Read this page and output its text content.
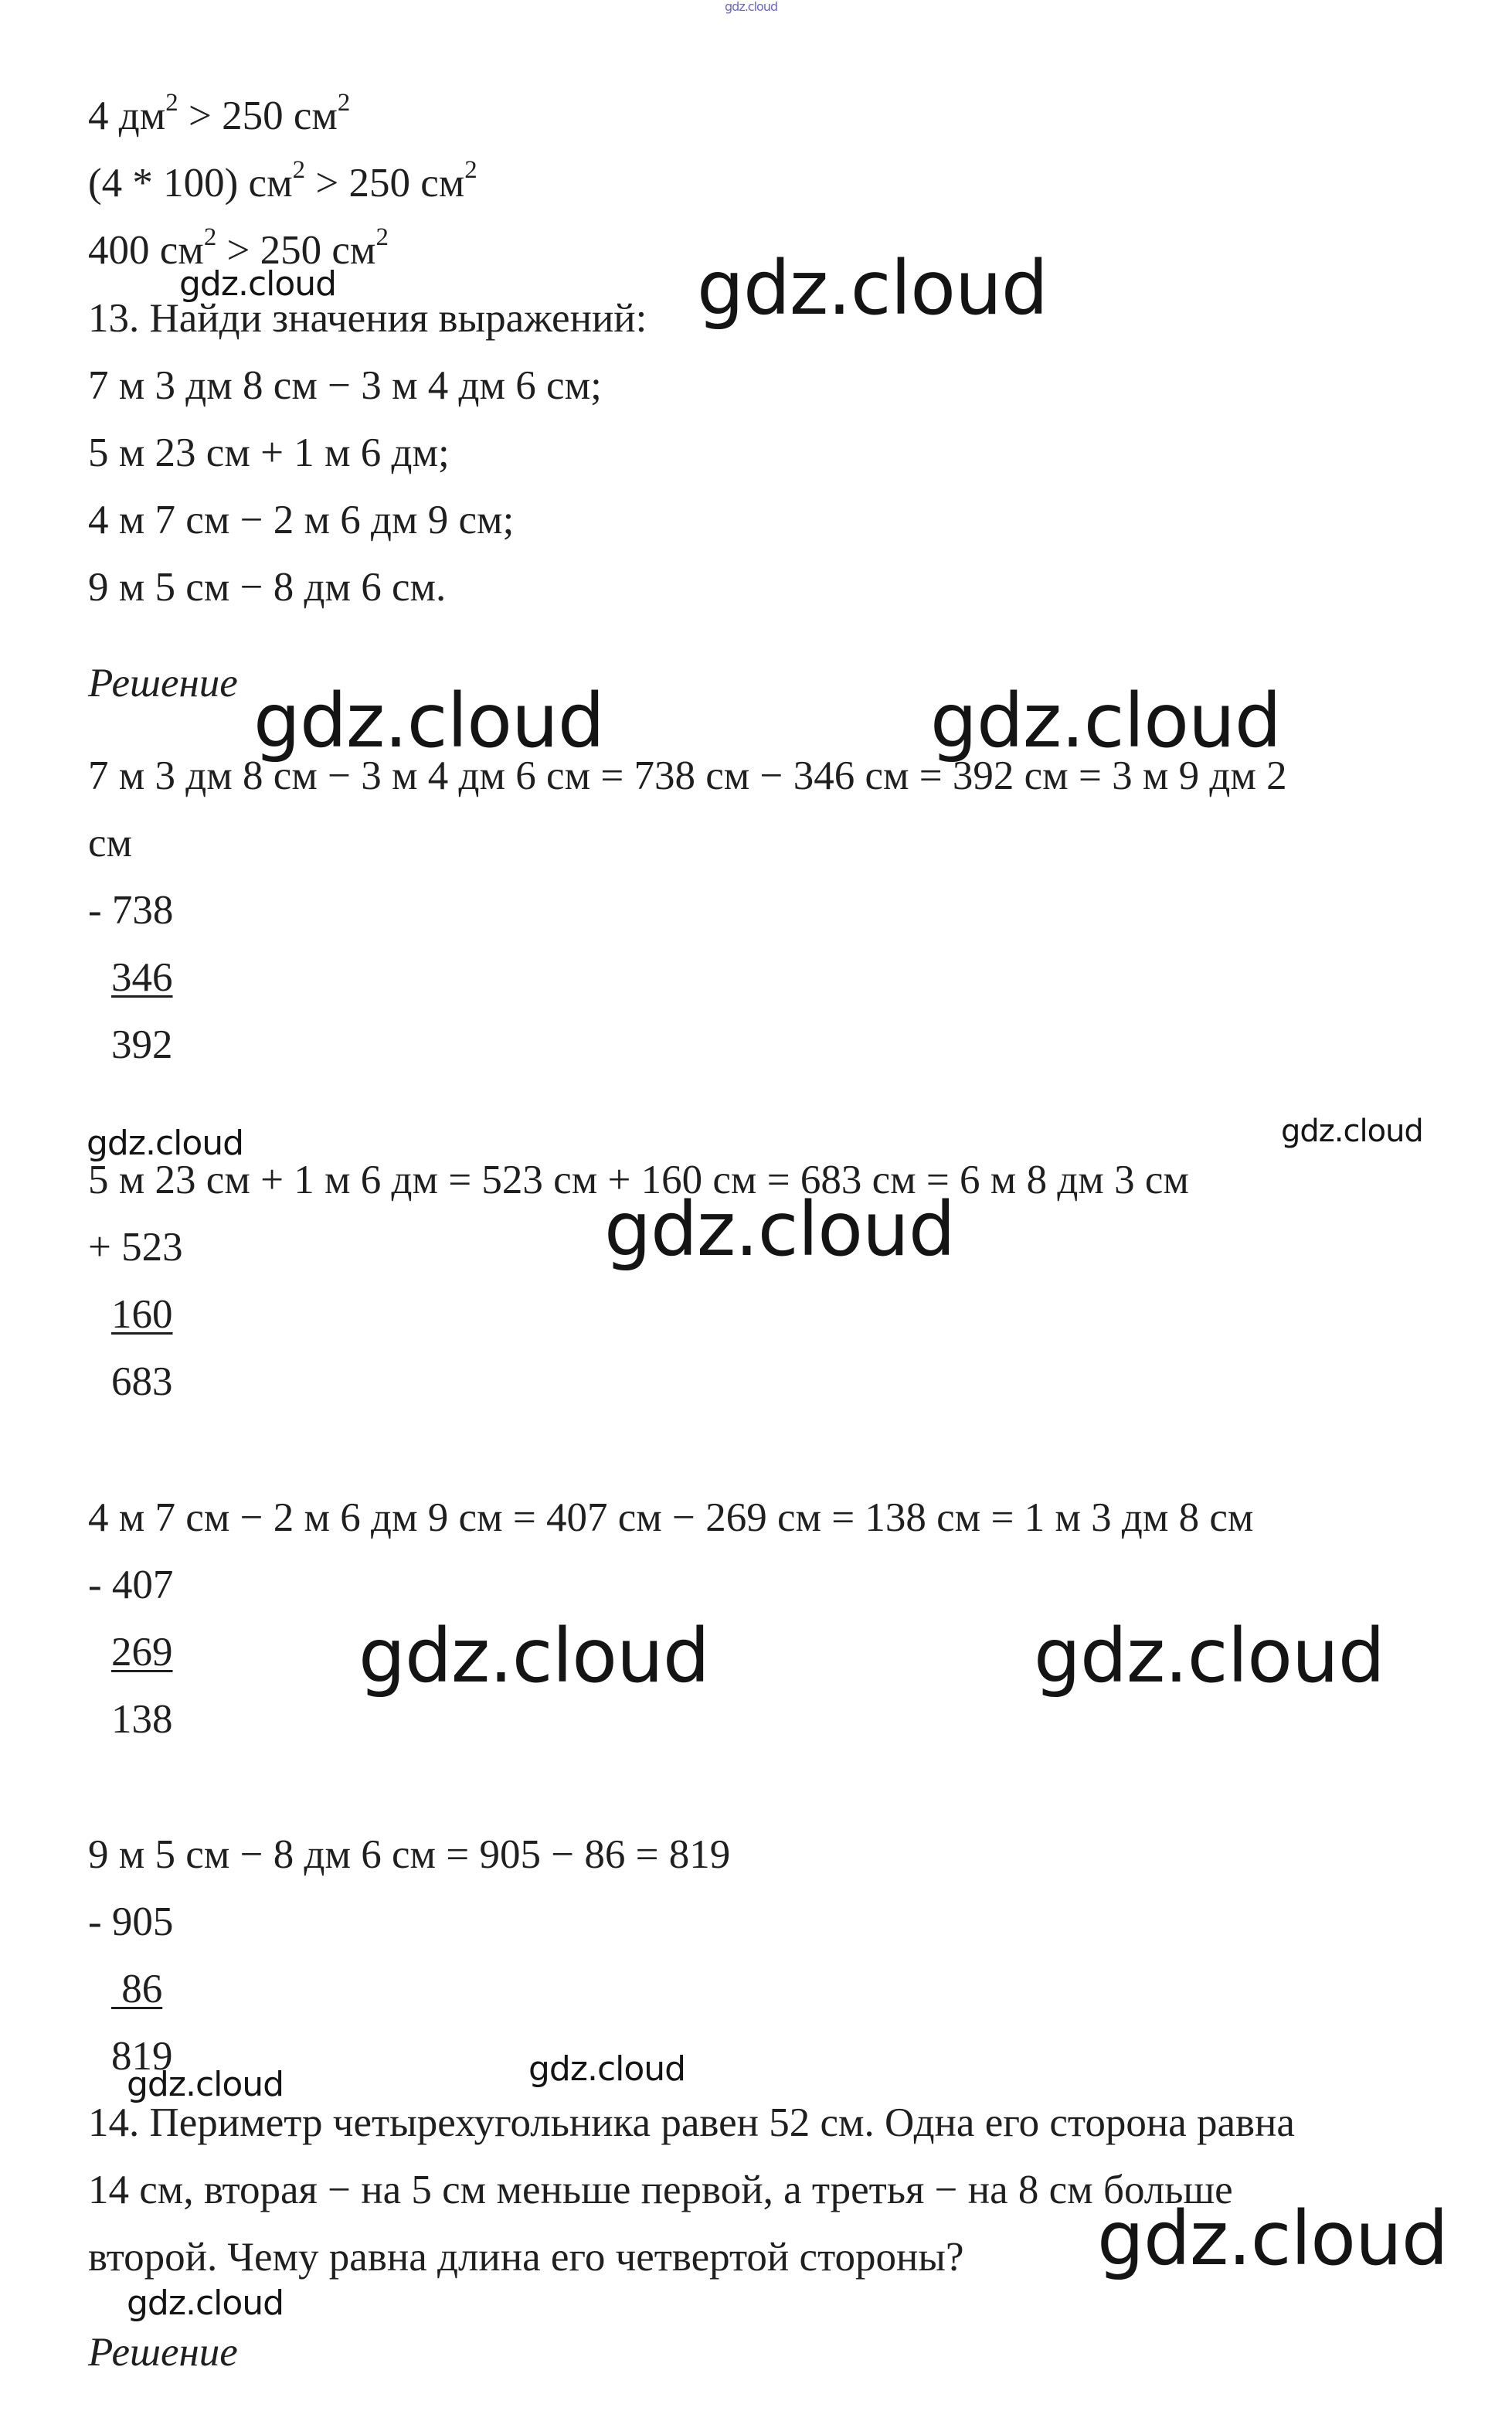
gdz.cloud
4 $дм^2 > 250$ $см^2$
(4 * 100) $см^2 > 250$ $см^2$
400 $см^2 > 250$ $см^2$
gdz.cloud	gdz.cloud
13. Найди значения выражений:
7 м 3 дм 8 см − 3 м 4 дм 6 см;
5 м 23 см + 1 м 6 дм;
4 м 7 см − 2 м 6 дм 9 см;
9 м 5 см − 8 дм 6 см.
Решение gdz.cloud	gdz.cloud
7 м 3 дм 8 см − 3 м 4 дм 6 см = 738 см − 346 см = 392 см = 3 м 9 дм 2
см
- 738
346
392
gdz.cloud	gdz.cloud
5 м 23 см + 1 м 6 дм = 523 см + 160 см = 683 см = 6 м 8 дм 3 см
gdz.cloud
+ 523
160
683
4 м 7 см − 2 м 6 дм 9 см = 407 см − 269 см = 138 см = 1 м 3 дм 8 см
- 407
269
138
gdz.cloud	gdz.cloud
9 м 5 см − 8 дм 6 см = 905 − 86 = 819
- 905
86
819
gdz.cloud	gdz.cloud
14. Периметр четырехугольника равен 52 см. Одна его сторона равна
14 см, вторая − на 5 см меньше первой, а третья − на 8 см больше
второй. Чему равна длина его четвертой стороны? gdz.cloud
gdz.cloud
Решение
